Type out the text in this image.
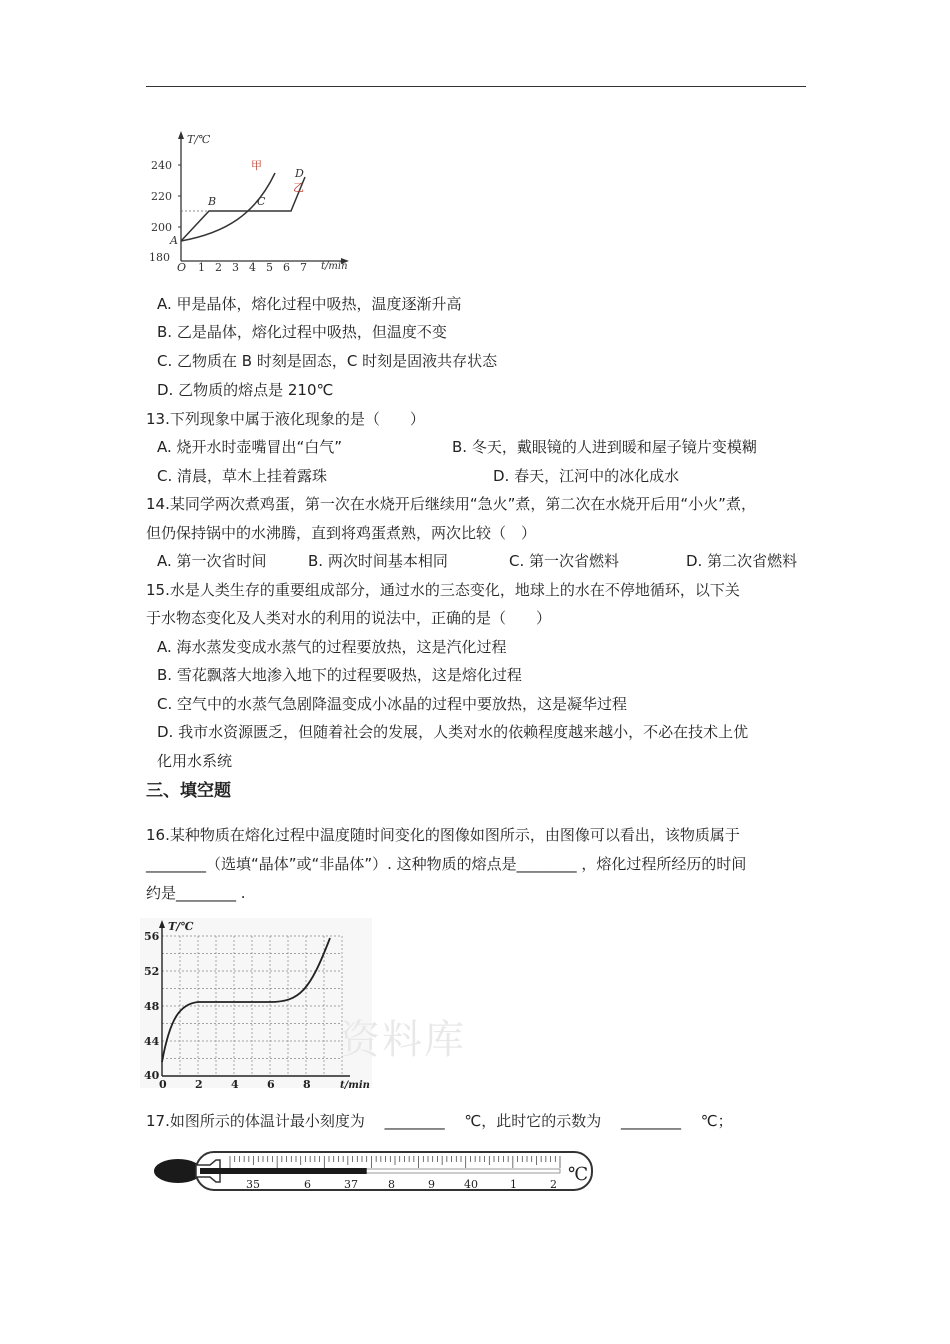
T/℃
t/min
240
220
200
180
O 1 2 3 4 5 6 7
A
B	C
D
甲
乙
A. 甲是晶体，熔化过程中吸热，温度逐渐升高
B. 乙是晶体，熔化过程中吸热，但温度不变
C. 乙物质在 B 时刻是固态，C 时刻是固液共存状态
D. 乙物质的熔点是 210℃
13.下列现象中属于液化现象的是（　　）
A. 烧开水时壶嘴冒出“白气”	B. 冬天，戴眼镜的人进到暖和屋子镜片变模糊
C. 清晨，草木上挂着露珠	D. 春天，江河中的冰化成水
14.某同学两次煮鸡蛋，第一次在水烧开后继续用“急火”煮，第二次在水烧开后用“小火”煮，
但仍保持锅中的水沸腾，直到将鸡蛋煮熟，两次比较（　）
A. 第一次省时间	B. 两次时间基本相同	C. 第一次省燃料	D. 第二次省燃料
15.水是人类生存的重要组成部分，通过水的三态变化，地球上的水在不停地循环，以下关
于水物态变化及人类对水的利用的说法中，正确的是（　　）
A. 海水蒸发变成水蒸气的过程要放热，这是汽化过程
B. 雪花飘落大地渗入地下的过程要吸热，这是熔化过程
C. 空气中的水蒸气急剧降温变成小冰晶的过程中要放热，这是凝华过程
D. 我市水资源匮乏，但随着社会的发展，人类对水的依赖程度越来越小，不必在技术上优
化用水系统
三、填空题
16.某种物质在熔化过程中温度随时间变化的图像如图所示，由图像可以看出，该物质属于
________（选填“晶体”或“非晶体”）. 这种物质的熔点是________ ，熔化过程所经历的时间
约是________ .
T/℃
t/min
56
52
48
44
40
0	2	4	6	8
资料库
17.如图所示的体温计最小刻度为　 ________ 　℃，此时它的示数为　 ________ 　℃；
35	6	37	8	9	40	1	2 ℃
